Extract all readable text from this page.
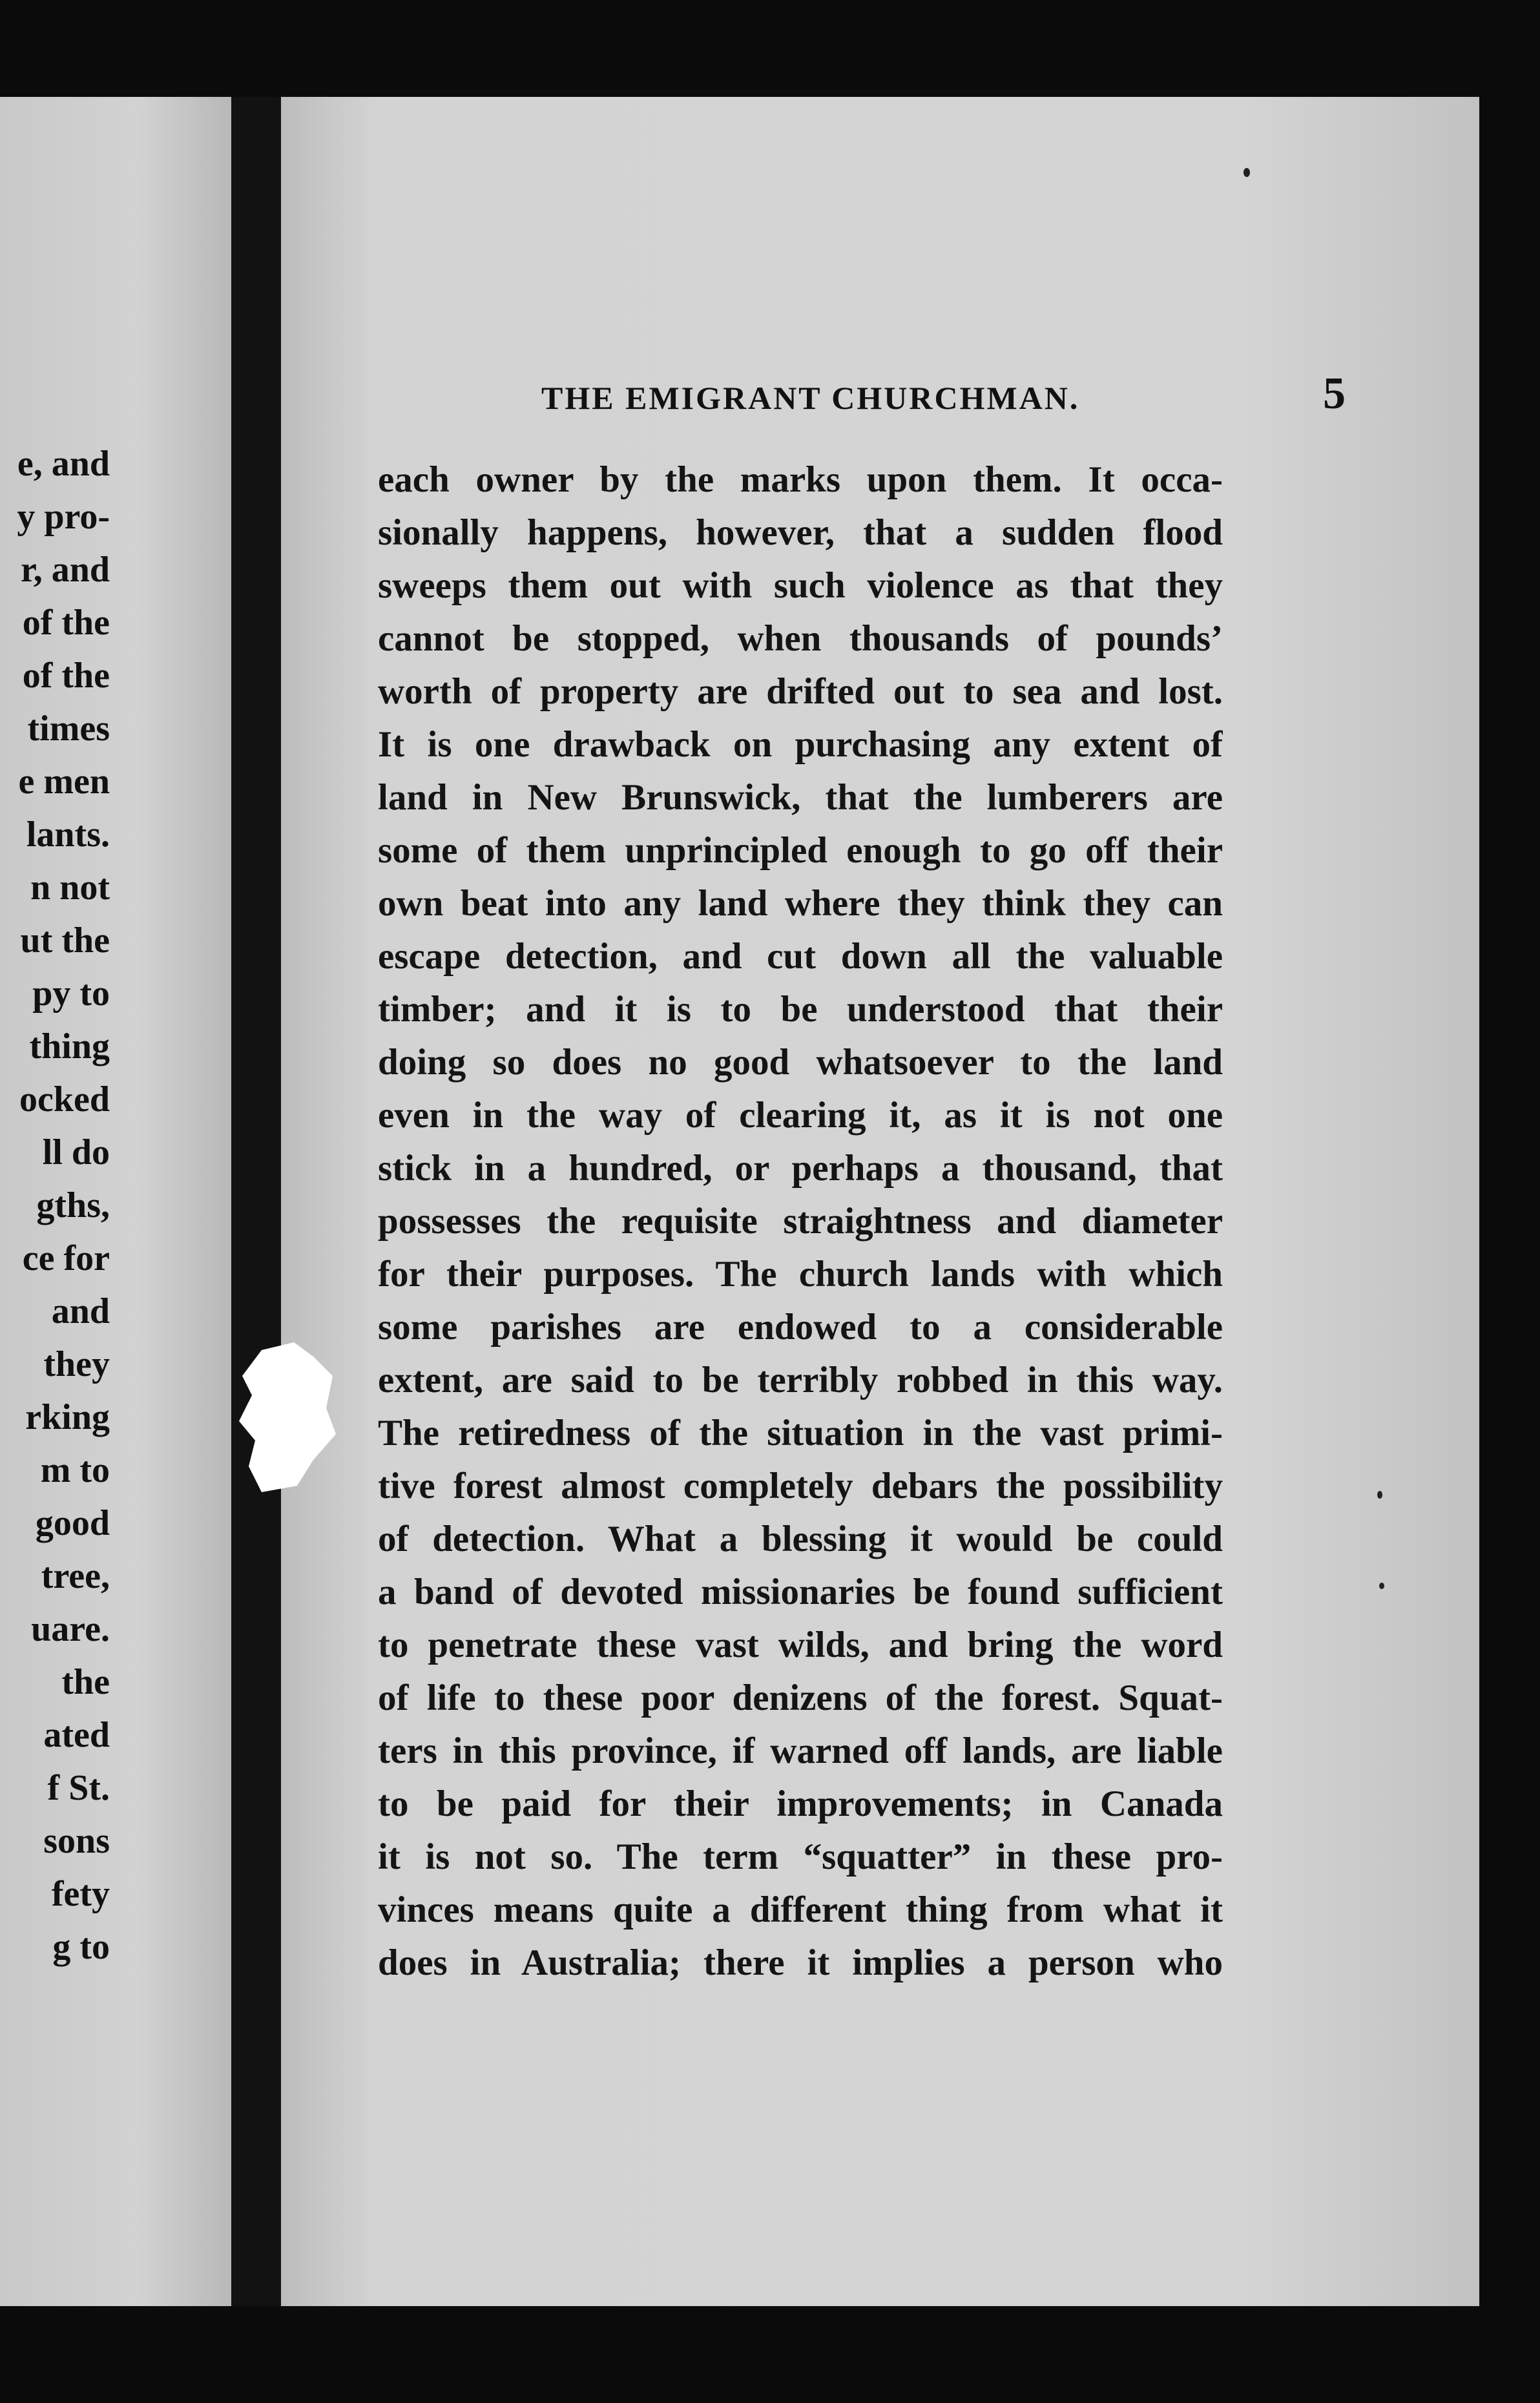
e, and
y pro-
r, and
of the
of the
times
e men
lants.
n not
ut the
py to
thing
ocked
ll do
gths,
ce for
and
they
rking
m to
good
tree,
uare.
the
ated
f St.
sons
fety
g to
THE EMIGRANT CHURCHMAN.	5
each owner by the marks upon them. It occa-
sionally happens, however, that a sudden flood
sweeps them out with such violence as that they
cannot be stopped, when thousands of pounds’
worth of property are drifted out to sea and lost.
It is one drawback on purchasing any extent of
land in New Brunswick, that the lumberers are
some of them unprincipled enough to go off their
own beat into any land where they think they can
escape detection, and cut down all the valuable
timber; and it is to be understood that their
doing so does no good whatsoever to the land
even in the way of clearing it, as it is not one
stick in a hundred, or perhaps a thousand, that
possesses the requisite straightness and diameter
for their purposes. The church lands with which
some parishes are endowed to a considerable
extent, are said to be terribly robbed in this way.
The retiredness of the situation in the vast primi-
tive forest almost completely debars the possibility
of detection. What a blessing it would be could
a band of devoted missionaries be found sufficient
to penetrate these vast wilds, and bring the word
of life to these poor denizens of the forest. Squat-
ters in this province, if warned off lands, are liable
to be paid for their improvements; in Canada
it is not so. The term “squatter” in these pro-
vinces means quite a different thing from what it
does in Australia; there it implies a person who
